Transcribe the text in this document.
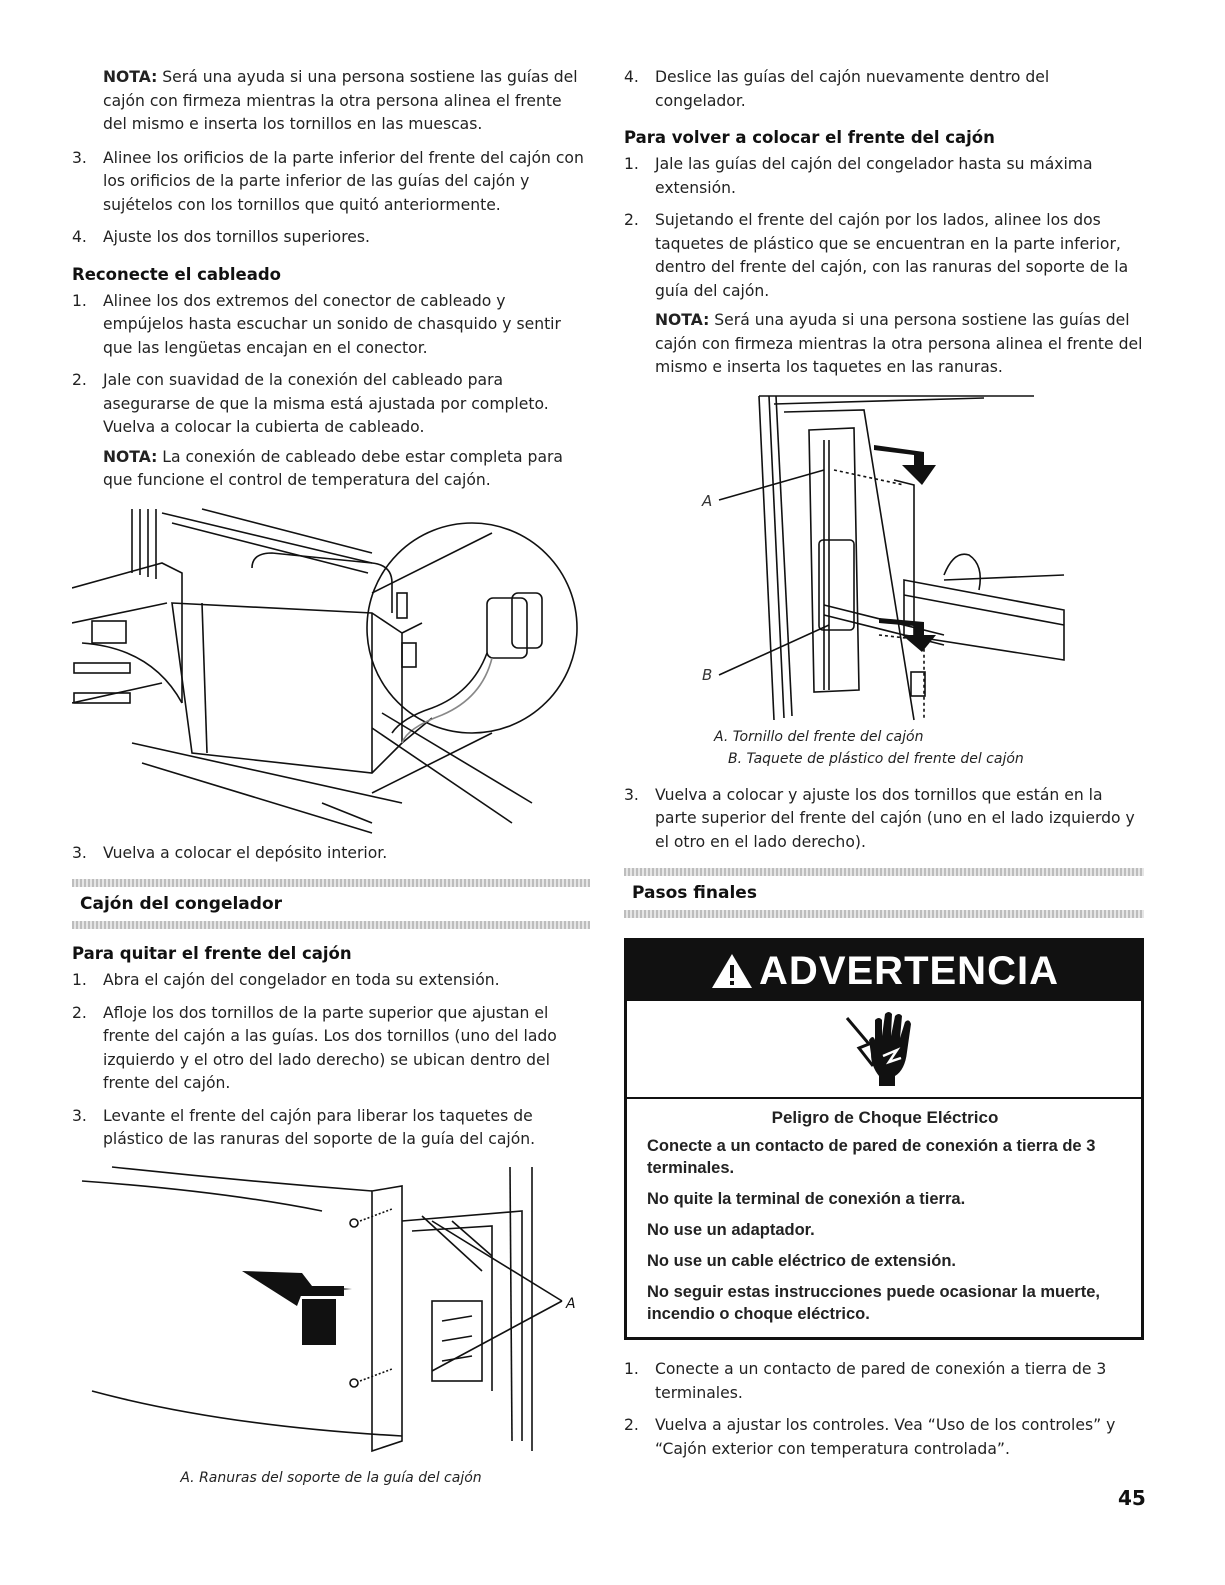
NOTA: Será una ayuda si una persona sostiene las guías del cajón con firmeza mientras la otra persona alinea el frente del mismo e inserta los tornillos en las muescas.

3.	Alinee los orificios de la parte inferior del frente del cajón con los orificios de la parte inferior de las guías del cajón y sujételos con los tornillos que quitó anteriormente.
4.	Ajuste los dos tornillos superiores.
Reconecte el cableado
1.	Alinee los dos extremos del conector de cableado y empújelos hasta escuchar un sonido de chasquido y sentir que las lengüetas encajan en el conector.
2.	Jale con suavidad de la conexión del cableado para asegurarse de que la misma está ajustada por completo. Vuelva a colocar la cubierta de cableado.

NOTA: La conexión de cableado debe estar completa para que funcione el control de temperatura del cajón.

3.	Vuelva a colocar el depósito interior.
Cajón del congelador
Para quitar el frente del cajón
1.	Abra el cajón del congelador en toda su extensión.
2.	Afloje los dos tornillos de la parte superior que ajustan el frente del cajón a las guías. Los dos tornillos (uno del lado izquierdo y el otro del lado derecho) se ubican dentro del frente del cajón.
3.	Levante el frente del cajón para liberar los taquetes de plástico de las ranuras del soporte de la guía del cajón.
A

A. Ranuras del soporte de la guía del cajón

4.	Deslice las guías del cajón nuevamente dentro del congelador.
Para volver a colocar el frente del cajón
1.	Jale las guías del cajón del congelador hasta su máxima extensión.
2.	Sujetando el frente del cajón por los lados, alinee los dos taquetes de plástico que se encuentran en la parte inferior, dentro del frente del cajón, con las ranuras del soporte de la guía del cajón.

NOTA: Será una ayuda si una persona sostiene las guías del cajón con firmeza mientras la otra persona alinea el frente del mismo e inserta los taquetes en las ranuras.

A
B

A. Tornillo del frente del cajón

B. Taquete de plástico del frente del cajón

3.	Vuelva a colocar y ajuste los dos tornillos que están en la parte superior del frente del cajón (uno en el lado izquierdo y el otro en el lado derecho).
Pasos finales
ADVERTENCIA

Peligro de Choque Eléctrico

Conecte a un contacto de pared de conexión a tierra de 3 terminales.

No quite la terminal de conexión a tierra.

No use un adaptador.

No use un cable eléctrico de extensión.

No seguir estas instrucciones puede ocasionar la muerte, incendio o choque eléctrico.

1.	Conecte a un contacto de pared de conexión a tierra de 3 terminales.
2.	Vuelva a ajustar los controles. Vea “Uso de los controles” y “Cajón exterior con temperatura controlada”.
45
